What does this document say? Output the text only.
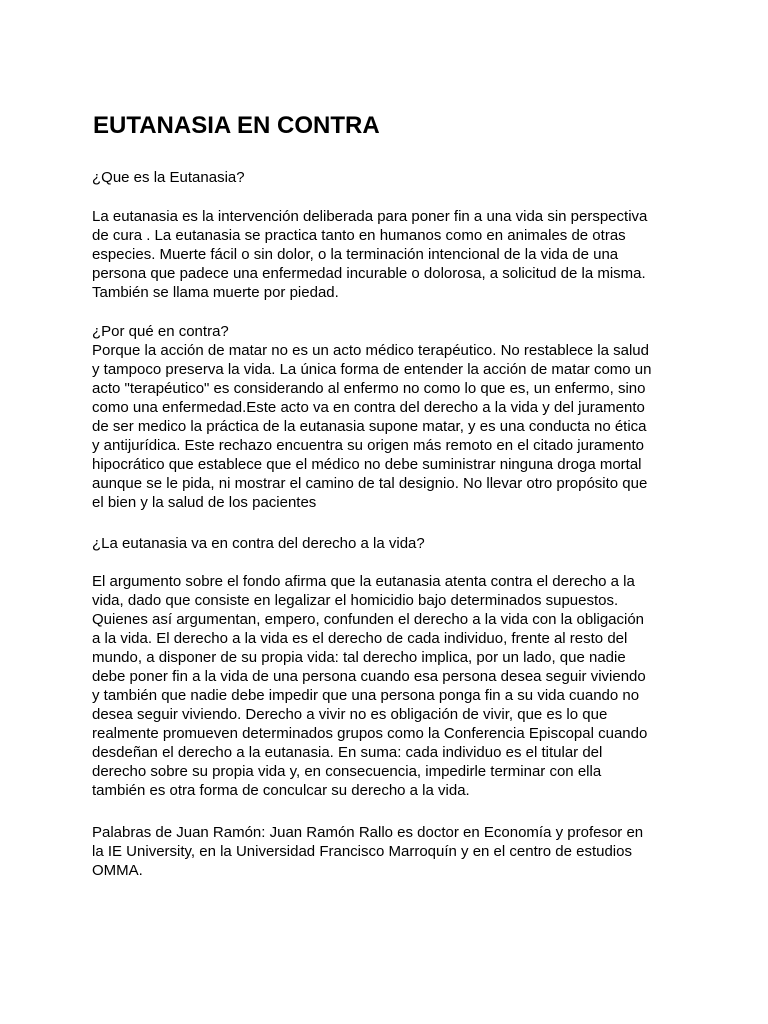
EUTANASIA EN CONTRA

¿Que es la Eutanasia?

La eutanasia es la intervención deliberada para poner fin a una vida sin perspectiva
de cura . La eutanasia se practica tanto en humanos como en animales de otras
especies. Muerte fácil o sin dolor, o la terminación intencional de la vida de una
persona que padece una enfermedad incurable o dolorosa, a solicitud de la misma.
También se llama muerte por piedad.

¿Por qué en contra?
Porque la acción de matar no es un acto médico terapéutico. No restablece la salud
y tampoco preserva la vida. La única forma de entender la acción de matar como un
acto "terapéutico" es considerando al enfermo no como lo que es, un enfermo, sino
como una enfermedad.Este acto va en contra del derecho a la vida y del juramento
de ser medico la práctica de la eutanasia supone matar, y es una conducta no ética
y antijurídica. Este rechazo encuentra su origen más remoto en el citado juramento
hipocrático que establece que el médico no debe suministrar ninguna droga mortal
aunque se le pida, ni mostrar el camino de tal designio. No llevar otro propósito que
el bien y la salud de los pacientes

¿La eutanasia va en contra del derecho a la vida?

El argumento sobre el fondo afirma que la eutanasia atenta contra el derecho a la
vida, dado que consiste en legalizar el homicidio bajo determinados supuestos.
Quienes así argumentan, empero, confunden el derecho a la vida con la obligación
a la vida. El derecho a la vida es el derecho de cada individuo, frente al resto del
mundo, a disponer de su propia vida: tal derecho implica, por un lado, que nadie
debe poner fin a la vida de una persona cuando esa persona desea seguir viviendo
y también que nadie debe impedir que una persona ponga fin a su vida cuando no
desea seguir viviendo. Derecho a vivir no es obligación de vivir, que es lo que
realmente promueven determinados grupos como la Conferencia Episcopal cuando
desdeñan el derecho a la eutanasia. En suma: cada individuo es el titular del
derecho sobre su propia vida y, en consecuencia, impedirle terminar con ella
también es otra forma de conculcar su derecho a la vida.

Palabras de Juan Ramón: Juan Ramón Rallo es doctor en Economía y profesor en
la IE University, en la Universidad Francisco Marroquín y en el centro de estudios
OMMA.
